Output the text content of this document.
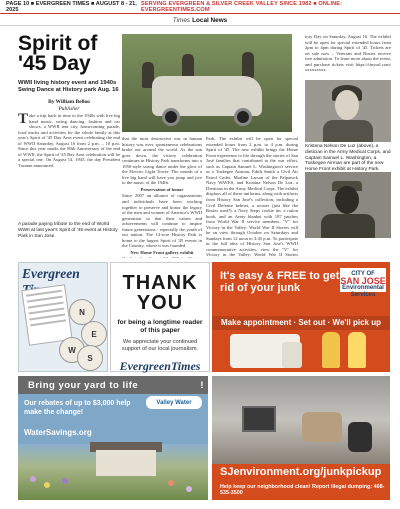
PAGE 10 ■ EVERGREEN TIMES ■ AUGUST 8 - 21, 2025
SERVING EVERGREEN & SILVER CREEK VALLEY SINCE 1982 ■ ONLINE: EVERGREENTIMES.COM
Times Local News
Spirit of '45 Day
WWII living history event and 1940s Swing Dance at History park Aug. 16
By William Belloo
Publisher
T ake a trip back in time to the 1940s with live big band music, swing dancing, fashion and car shows, a WWII tent city, homecoming parade, food trucks and activities for the whole family at this year's Spirit of '45 Day Area event celebrating the end of WWII Saturday, August 16 from 2 p.m. – 10 p.m. Since this year marks the 80th Anniversary of the end of WWII, the Spirit of '45 Bay Area celebration will be a special one. On August 14, 1945, the day President Truman announced

that the most destructive war in human history was over, spontaneous celebrations broke out around the world. As the sun goes down, the victory celebration continues in History Park transforms into a 1950-style swing dance under the glow of the Electric Light Tower: The sounds of a live big band will have you jump and jive to the music of the 1940s.

Preservation of honor

Since 2007 an alliance of organizations and individuals have been working together to preserve and honor the legacy of the men and women of America's WWII generation so that their values and achievements will continue to inspire future generations - especially the youth of our nation. The 14-acre History Park is home to the largest Spirit of '45 events in the Country, where it was founded.

New Home Front gallery exhibit

Park. The exhibit will be open for special extended hours from 2 p.m. to 4 p.m. during Spirit of '45. The new exhibit brings the Home Front experience to life through the stories of San José families that contributed to the war effort, such as Captain Samuel L. Washington's service as a Tuskegee Airman, Edith Smith a Civil Air Patrol Cadet, Marline Larson of the Palpatuck Navy WAVES, and Kristina Nelson De Luz, a Dietician in the Army Medical Corps. The exhibit displays all of these uniforms, along with artifacts from History San José's collection, including a Civil Defense helmet, a rooster (just like the Rosies used!), a Navy Steps cookie tin, a ration book, and an Army blanket with 187 patches from World War II service members. "V" for Victory in the Valley: World War II Stories will be on view through October on Saturdays and Sundays from 12 noon to 3:45 p.m. To participate in the full idea of History San José's WWII commemorative activities, view the "V" for Victory in the Valley: World War II Stories

tory Day on Saturday, August 16. The exhibit will be open for special extended hours from 2pm to 4pm during Spirit of '45. Tickets are on sale now – Veterans and Rosies receive free admission. To learn more about the event, and purchase tickets visit https://tinyurl.com/ xxxxxxxxx.

A parade paying tribute to the end of World WWII at last year's Spirit of '45 event at History Park in San Jose.
Kristena Nelson De Luz (above), a dietician in the Army Medical Corps, and Captain Samuel L. Washington, a Tuskegee Airman are part of the new Home Front exhibit at History Park.
Evergreen
N
E
W
S
THANK YOU
for being a longtime reader of this paper
We appreciate your continued support of our local journalism.
EvergreenTimes
It's easy & FREE to get rid of your junk
CITY OF
SAN JOSE
Environmental Services
Make appointment · Set out · We'll pick up
Bring your yard to life	!
Valley Water
Our rebates of up to $3,000 help make the change!
WaterSavings.org
SJenvironment.org/junkpickup
Help keep our neighborhood clean! Report illegal dumping: 408-535-3500
